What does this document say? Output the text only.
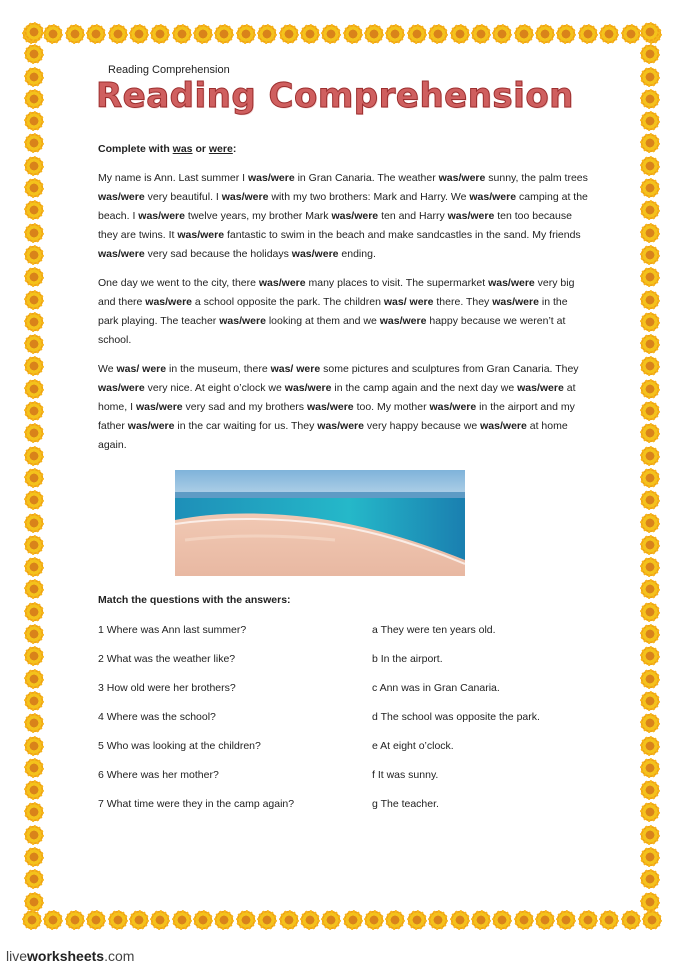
Reading Comprehension
Reading Comprehension
Complete with was or were:

My name is Ann. Last summer I was/were in Gran Canaria. The weather was/were sunny, the palm trees was/were very beautiful. I was/were with my two brothers: Mark and Harry. We was/were camping at the beach. I was/were twelve years, my brother Mark was/were ten and Harry was/were ten too because they are twins. It was/were fantastic to swim in the beach and make sandcastles in the sand. My friends was/were very sad because the holidays was/were ending.

One day we went to the city, there was/were many places to visit. The supermarket was/were very big and there was/were a school opposite the park. The children was/ were there. They was/were in the park playing. The teacher was/were looking at them and we was/were happy because we weren’t at school.

We was/ were in the museum, there was/ were some pictures and sculptures from Gran Canaria. They was/were very nice. At eight o’clock we was/were in the camp again and the next day we was/were at home, I was/were very sad and my brothers was/were too. My mother was/were in the airport and my father was/were in the car waiting for us. They was/were very happy because we was/were at home again.

Match the questions with the answers:
1 Where was Ann last summer?
2 What was the weather like?
3 How old were her brothers?
4 Where was the school?
5 Who was looking at the children?
6 Where was her mother?
7 What time were they in the camp again?
a They were ten years old.
b In the airport.
c Ann was in Gran Canaria.
d The school was opposite the park.
e At eight o’clock.
f It was sunny.
g The teacher.
liveworksheets.com
